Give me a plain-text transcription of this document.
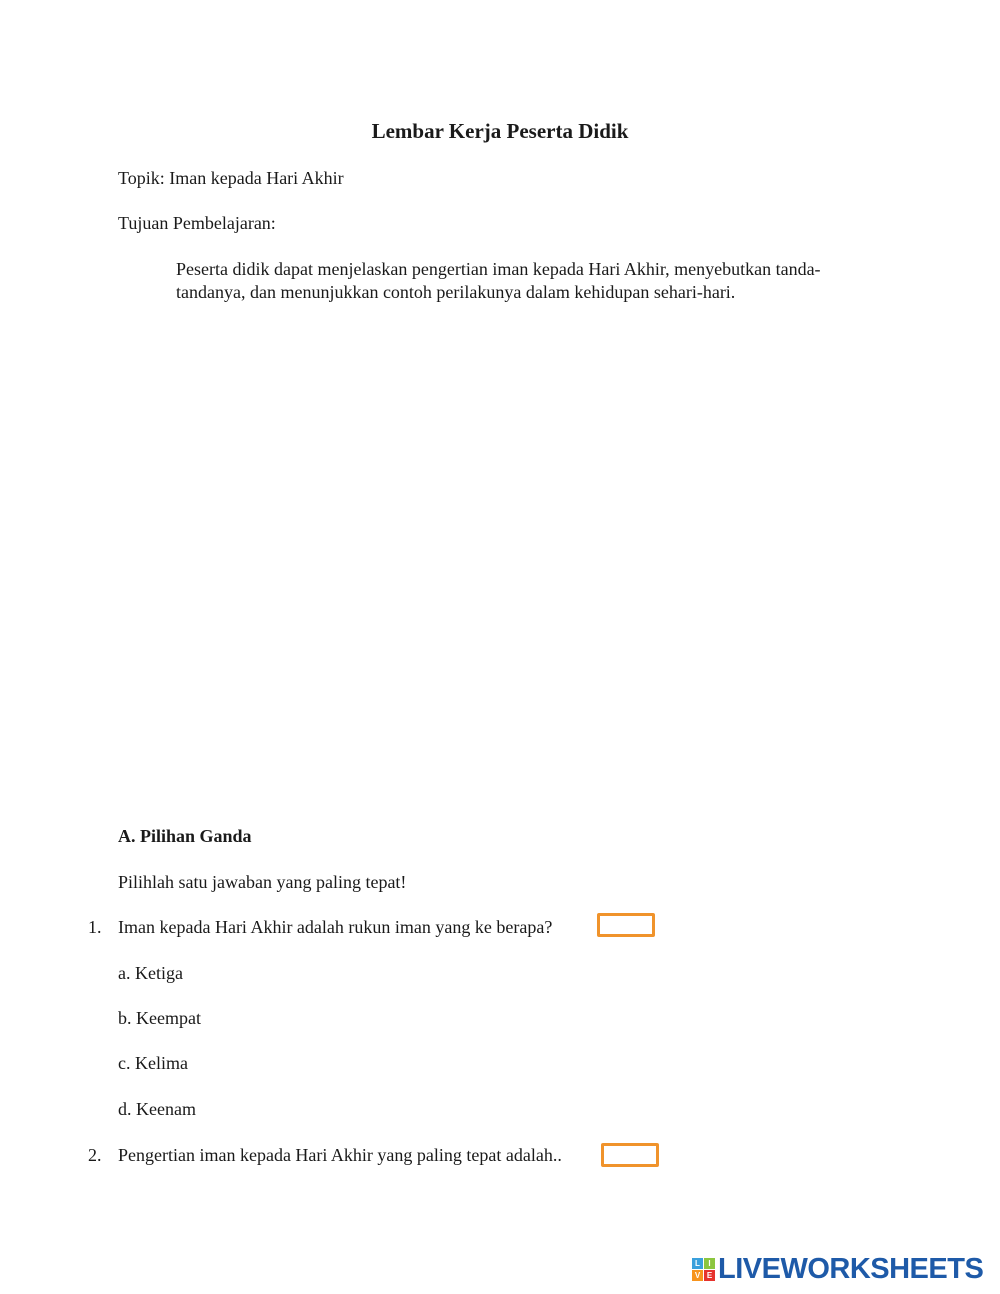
Lembar Kerja Peserta Didik
Topik: Iman kepada Hari Akhir
Tujuan Pembelajaran:
Peserta didik dapat menjelaskan pengertian iman kepada Hari Akhir, menyebutkan tanda-tandanya, dan menunjukkan contoh perilakunya dalam kehidupan sehari-hari.
A. Pilihan Ganda
Pilihlah satu jawaban yang paling tepat!
1. Iman kepada Hari Akhir adalah rukun iman yang ke berapa?
a. Ketiga
b. Keempat
c. Kelima
d. Keenam
2. Pengertian iman kepada Hari Akhir yang paling tepat adalah..
L	I
V E LIVEWORKSHEETS
